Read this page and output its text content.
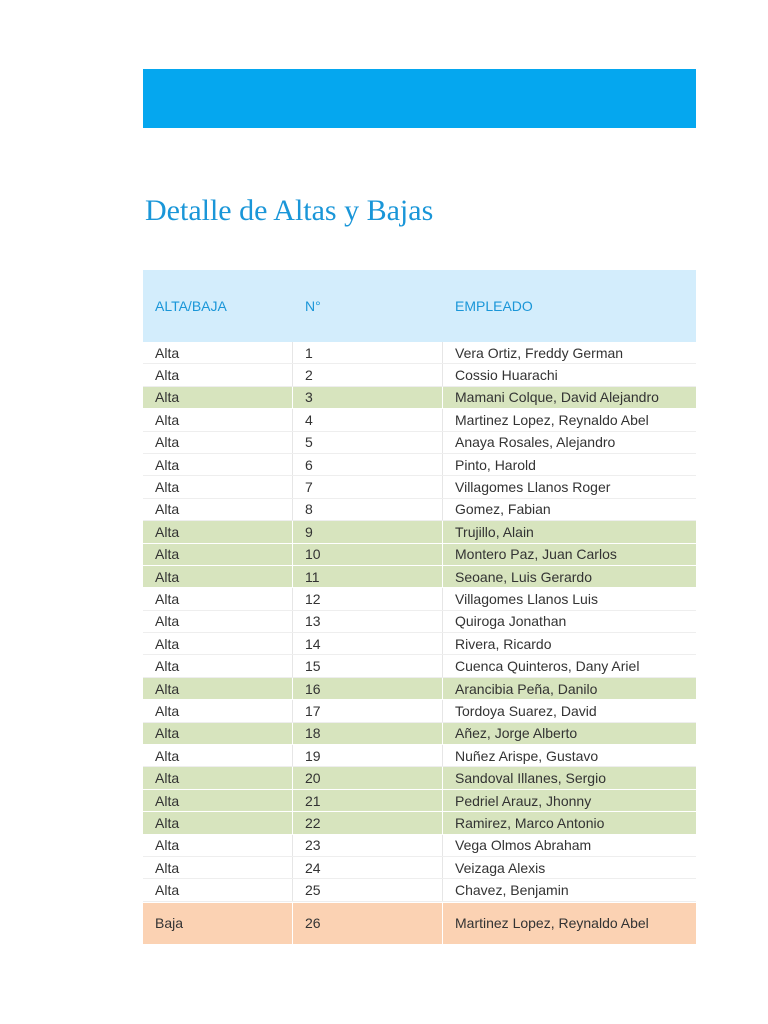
Detalle de Altas y Bajas
ALTA/BAJA	N°	EMPLEADO
Alta	1	Vera Ortiz, Freddy German
Alta	2	Cossio Huarachi
Alta	3	Mamani Colque, David Alejandro
Alta	4	Martinez Lopez, Reynaldo Abel
Alta	5	Anaya Rosales, Alejandro
Alta	6	Pinto, Harold
Alta	7	Villagomes Llanos Roger
Alta	8	Gomez, Fabian
Alta	9	Trujillo, Alain
Alta	10	Montero Paz, Juan Carlos
Alta	11	Seoane, Luis Gerardo
Alta	12	Villagomes Llanos Luis
Alta	13	Quiroga Jonathan
Alta	14	Rivera, Ricardo
Alta	15	Cuenca Quinteros, Dany Ariel
Alta	16	Arancibia Peña, Danilo
Alta	17	Tordoya Suarez, David
Alta	18	Añez, Jorge Alberto
Alta	19	Nuñez Arispe, Gustavo
Alta	20	Sandoval Illanes, Sergio
Alta	21	Pedriel Arauz, Jhonny
Alta	22	Ramirez, Marco Antonio
Alta	23	Vega Olmos Abraham
Alta	24	Veizaga Alexis
Alta	25	Chavez, Benjamin
Baja	26	Martinez Lopez, Reynaldo Abel
